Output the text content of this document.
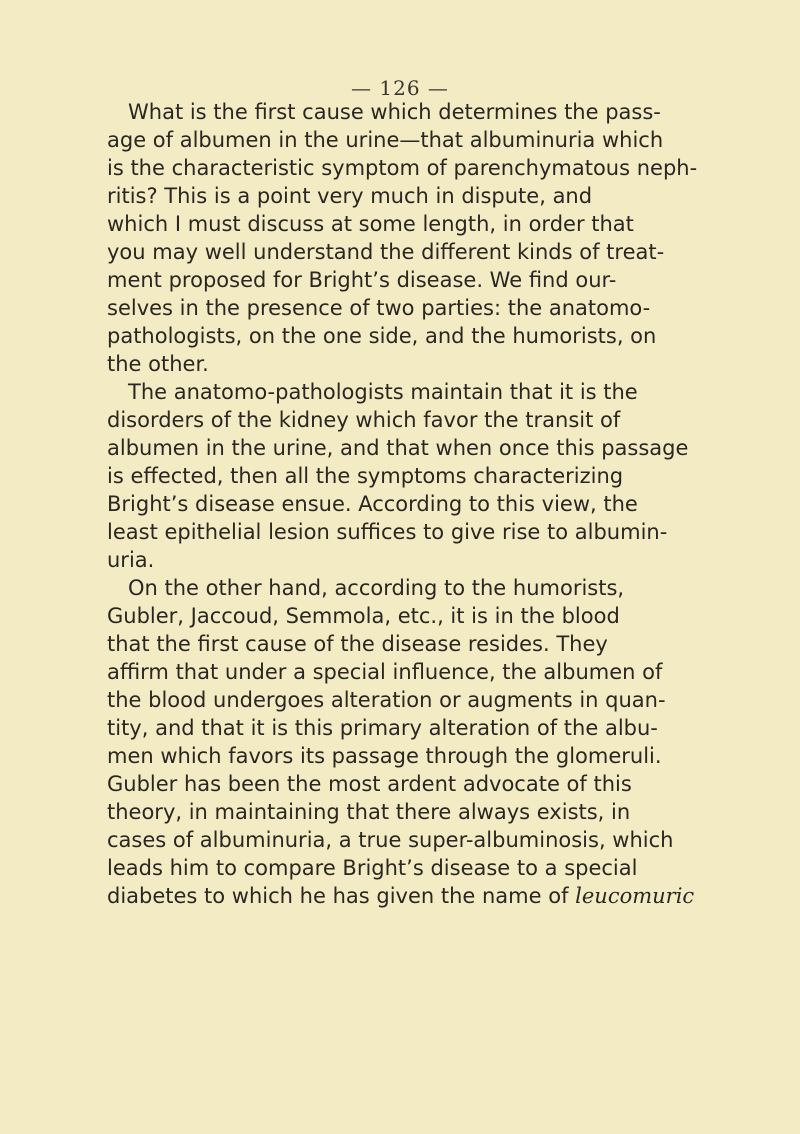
— 126 —
What is the first cause which determines the pass-
age of albumen in the urine—that albuminuria which
is the characteristic symptom of parenchymatous neph-
ritis? This is a point very much in dispute, and
which I must discuss at some length, in order that
you may well understand the different kinds of treat-
ment proposed for Bright’s disease. We find our-
selves in the presence of two parties: the anatomo-
pathologists, on the one side, and the humorists, on
the other.
The anatomo-pathologists maintain that it is the
disorders of the kidney which favor the transit of
albumen in the urine, and that when once this passage
is effected, then all the symptoms characterizing
Bright’s disease ensue. According to this view, the
least epithelial lesion suffices to give rise to albumin-
uria.
On the other hand, according to the humorists,
Gubler, Jaccoud, Semmola, etc., it is in the blood
that the first cause of the disease resides. They
affirm that under a special influence, the albumen of
the blood undergoes alteration or augments in quan-
tity, and that it is this primary alteration of the albu-
men which favors its passage through the glomeruli.
Gubler has been the most ardent advocate of this
theory, in maintaining that there always exists, in
cases of albuminuria, a true super-albuminosis, which
leads him to compare Bright’s disease to a special
diabetes to which he has given the name of leucomuric
